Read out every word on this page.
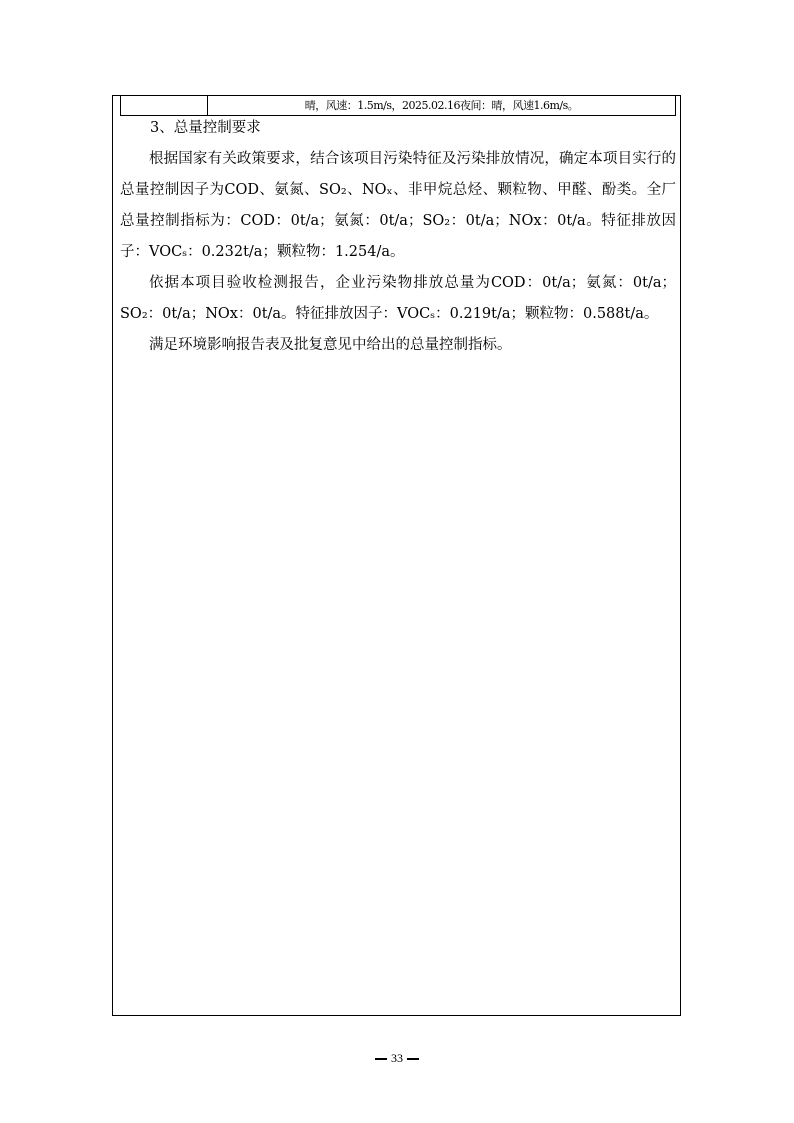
晴，风速：1.5m/s，2025.02.16夜间：晴，风速1.6m/s。

3、总量控制要求

根据国家有关政策要求，结合该项目污染特征及污染排放情况，确定本项目实行的总量控制因子为COD、氨氮、SO₂、NOₓ、非甲烷总烃、颗粒物、甲醛、酚类。全厂总量控制指标为：COD：0t/a；氨氮：0t/a；SO₂：0t/a；NOx：0t/a。特征排放因子：VOCₛ：0.232t/a；颗粒物：1.254/a。

依据本项目验收检测报告，企业污染物排放总量为COD：0t/a；氨氮：0t/a；SO₂：0t/a；NOx：0t/a。特征排放因子：VOCₛ：0.219t/a；颗粒物：0.588t/a。

满足环境影响报告表及批复意见中给出的总量控制指标。

33
